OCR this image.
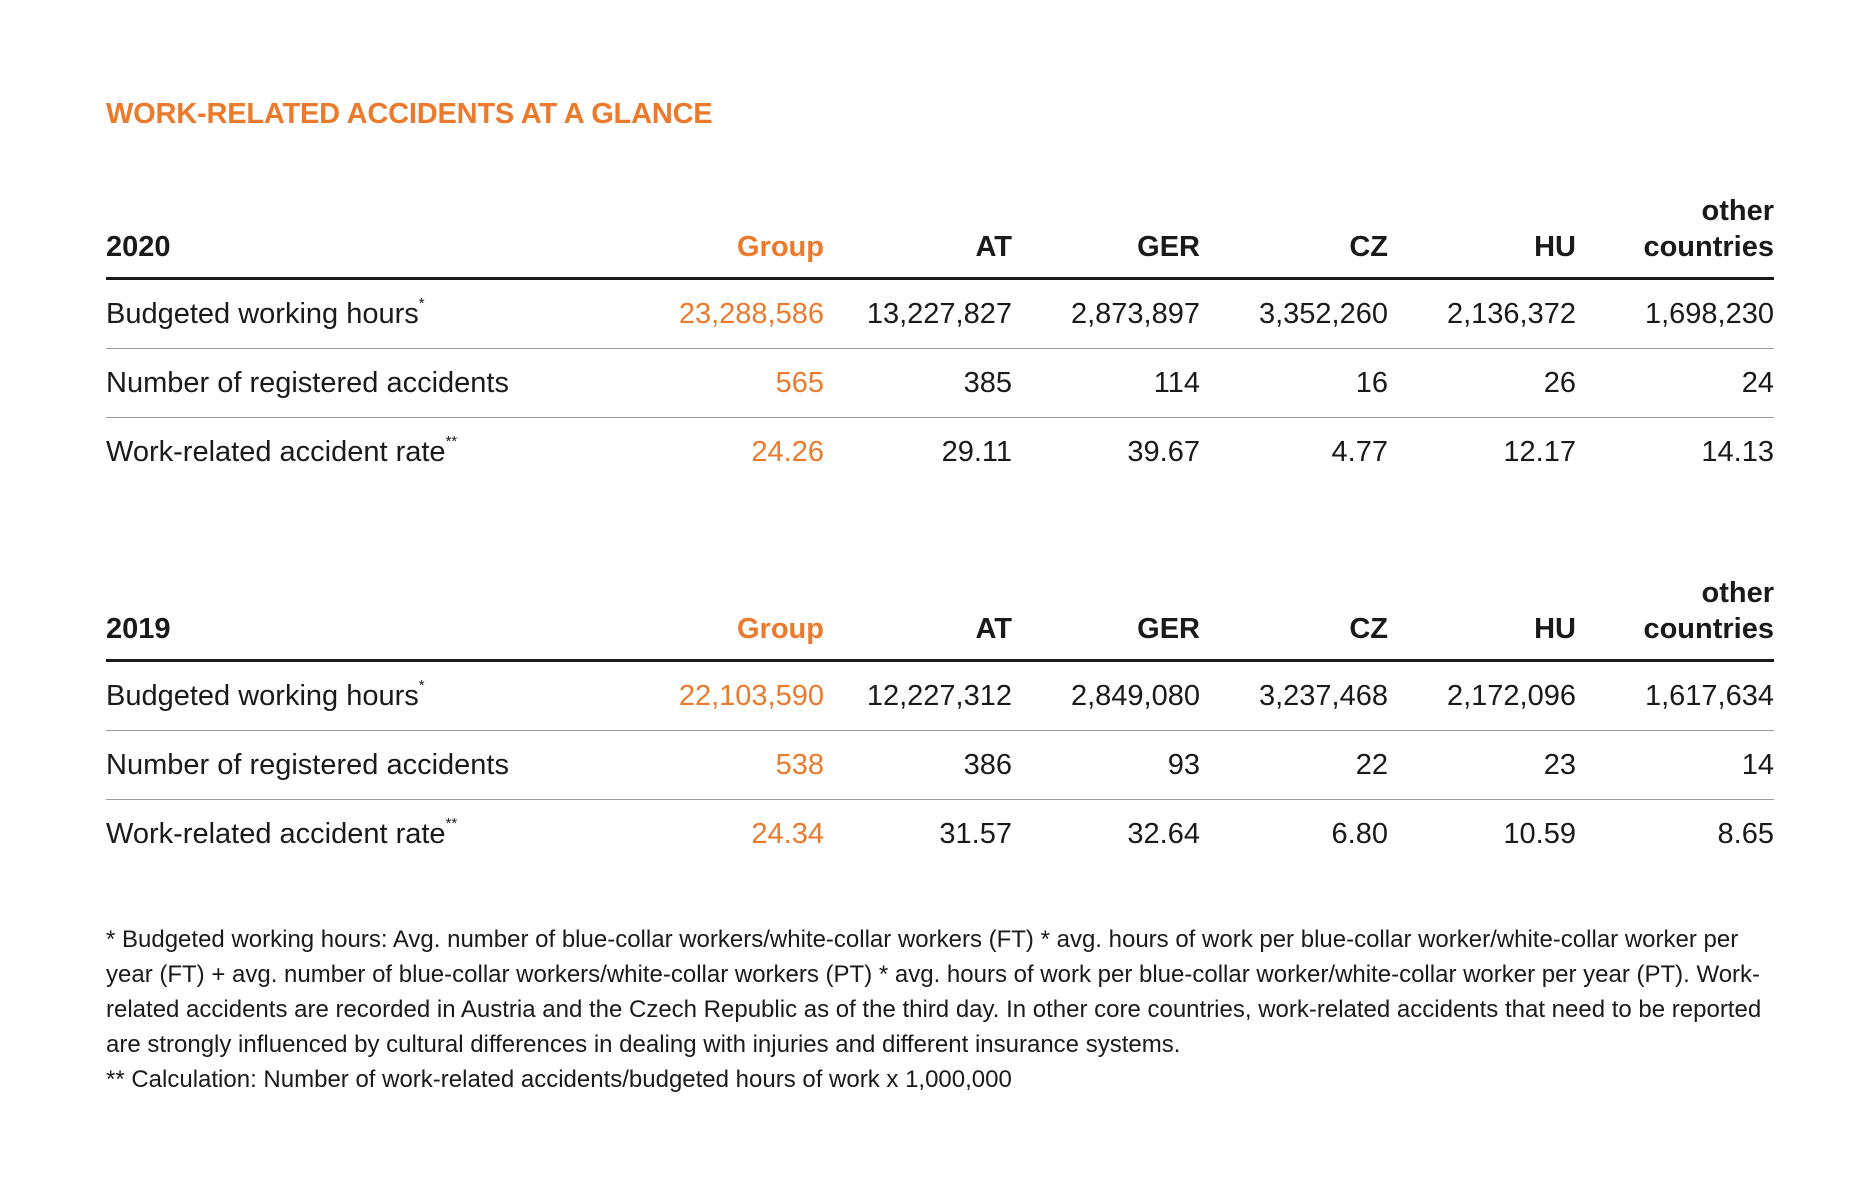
WORK-RELATED ACCIDENTS AT A GLANCE
2020	Group	AT	GER	CZ	HU	other countries
Budgeted working hours*	23,288,586	13,227,827	2,873,897	3,352,260	2,136,372	1,698,230
Number of registered accidents	565	385	114	16	26	24
Work-related accident rate**	24.26	29.11	39.67	4.77	12.17	14.13
2019	Group	AT	GER	CZ	HU	other countries
Budgeted working hours*	22,103,590	12,227,312	2,849,080	3,237,468	2,172,096	1,617,634
Number of registered accidents	538	386	93	22	23	14
Work-related accident rate**	24.34	31.57	32.64	6.80	10.59	8.65

* Budgeted working hours: Avg. number of blue-collar workers/white-collar workers (FT) * avg. hours of work per blue-collar worker/white-collar worker per year (FT) + avg. number of blue-collar workers/white-collar workers (PT) * avg. hours of work per blue-collar worker/white-collar worker per year (PT). Work-related accidents are recorded in Austria and the Czech Republic as of the third day. In other core countries, work-related accidents that need to be reported are strongly influenced by cultural differences in dealing with injuries and different insurance systems.

** Calculation: Number of work-related accidents/budgeted hours of work x 1,000,000
